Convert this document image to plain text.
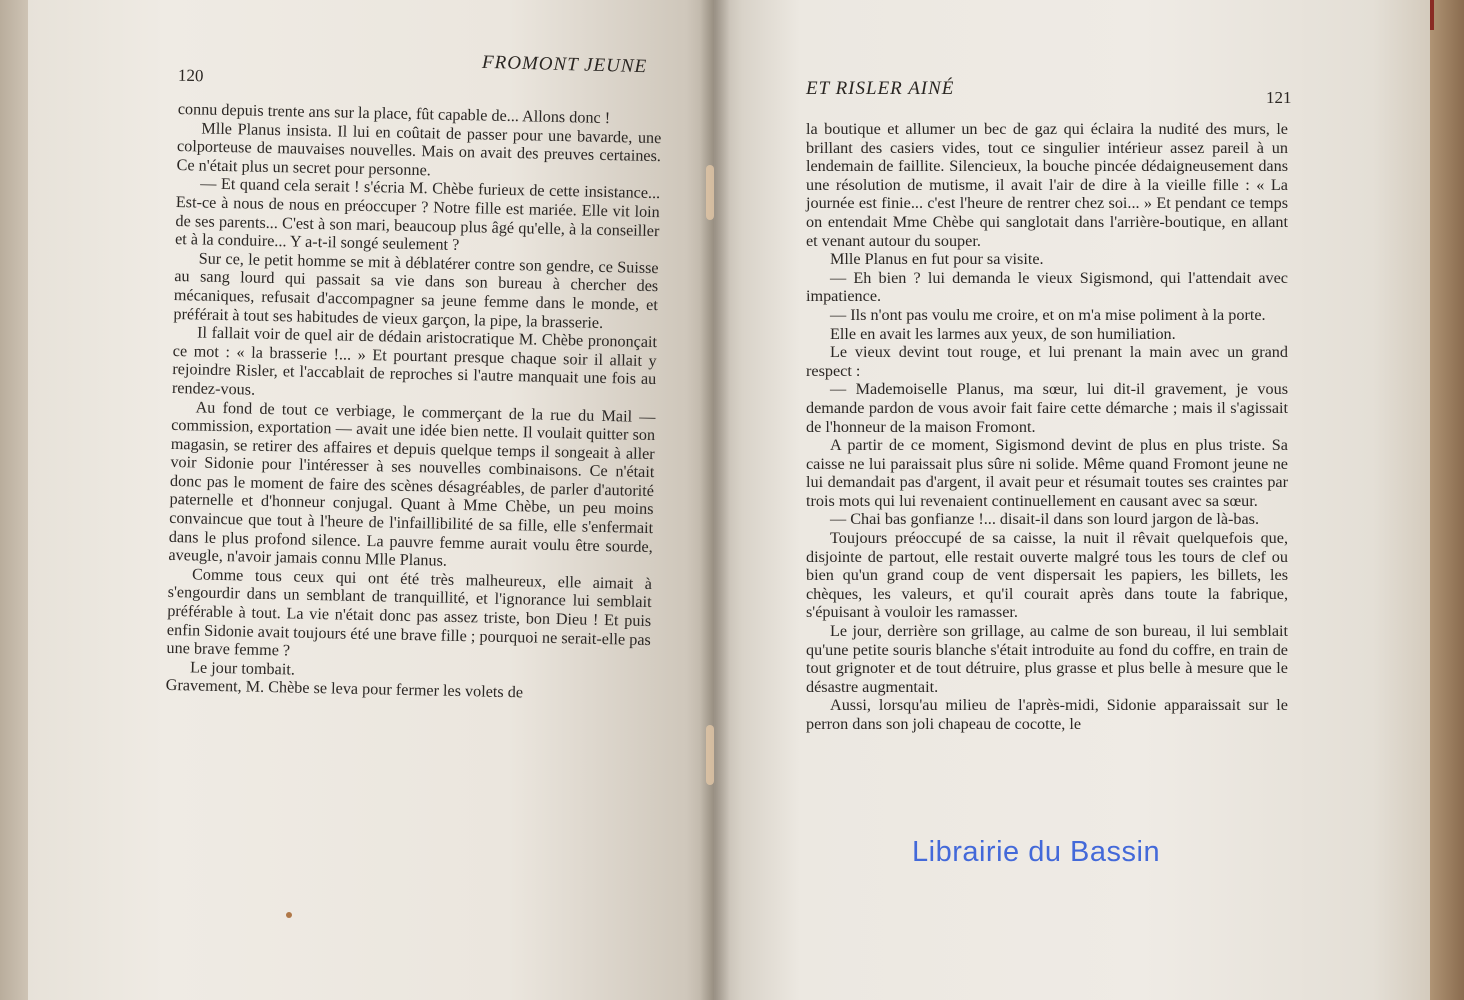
120	FROMONT JEUNE

connu depuis trente ans sur la place, fût capable de... Allons donc !

Mlle Planus insista. Il lui en coûtait de passer pour une bavarde, une colporteuse de mauvaises nouvelles. Mais on avait des preuves certaines. Ce n'était plus un secret pour personne.

— Et quand cela serait ! s'écria M. Chèbe furieux de cette insistance... Est-ce à nous de nous en préoccuper ? Notre fille est mariée. Elle vit loin de ses parents... C'est à son mari, beaucoup plus âgé qu'elle, à la conseiller et à la conduire... Y a-t-il songé seulement ?

Sur ce, le petit homme se mit à déblatérer contre son gendre, ce Suisse au sang lourd qui passait sa vie dans son bureau à chercher des mécaniques, refusait d'accompagner sa jeune femme dans le monde, et préférait à tout ses habitudes de vieux garçon, la pipe, la brasserie.

Il fallait voir de quel air de dédain aristocratique M. Chèbe prononçait ce mot : « la brasserie !... » Et pourtant presque chaque soir il allait y rejoindre Risler, et l'accablait de reproches si l'autre manquait une fois au rendez-vous.

Au fond de tout ce verbiage, le commerçant de la rue du Mail — commission, exportation — avait une idée bien nette. Il voulait quitter son magasin, se retirer des affaires et depuis quelque temps il songeait à aller voir Sidonie pour l'intéresser à ses nouvelles combinaisons. Ce n'était donc pas le moment de faire des scènes désagréables, de parler d'autorité paternelle et d'honneur conjugal. Quant à Mme Chèbe, un peu moins convaincue que tout à l'heure de l'infaillibilité de sa fille, elle s'enfermait dans le plus profond silence. La pauvre femme aurait voulu être sourde, aveugle, n'avoir jamais connu Mlle Planus.

Comme tous ceux qui ont été très malheureux, elle aimait à s'engourdir dans un semblant de tranquillité, et l'ignorance lui semblait préférable à tout. La vie n'était donc pas assez triste, bon Dieu ! Et puis enfin Sidonie avait toujours été une brave fille ; pourquoi ne serait-elle pas une brave femme ?

Le jour tombait.

Gravement, M. Chèbe se leva pour fermer les volets de

ET RISLER AINÉ	121

la boutique et allumer un bec de gaz qui éclaira la nudité des murs, le brillant des casiers vides, tout ce singulier intérieur assez pareil à un lendemain de faillite. Silencieux, la bouche pincée dédaigneusement dans une résolution de mutisme, il avait l'air de dire à la vieille fille : « La journée est finie... c'est l'heure de rentrer chez soi... » Et pendant ce temps on entendait Mme Chèbe qui sanglotait dans l'arrière-boutique, en allant et venant autour du souper.

Mlle Planus en fut pour sa visite.

— Eh bien ? lui demanda le vieux Sigismond, qui l'attendait avec impatience.

— Ils n'ont pas voulu me croire, et on m'a mise poliment à la porte.

Elle en avait les larmes aux yeux, de son humiliation.

Le vieux devint tout rouge, et lui prenant la main avec un grand respect :

— Mademoiselle Planus, ma sœur, lui dit-il gravement, je vous demande pardon de vous avoir fait faire cette démarche ; mais il s'agissait de l'honneur de la maison Fromont.

A partir de ce moment, Sigismond devint de plus en plus triste. Sa caisse ne lui paraissait plus sûre ni solide. Même quand Fromont jeune ne lui demandait pas d'argent, il avait peur et résumait toutes ses craintes par trois mots qui lui revenaient continuellement en causant avec sa sœur.

— Chai bas gonfianze !... disait-il dans son lourd jargon de là-bas.

Toujours préoccupé de sa caisse, la nuit il rêvait quelquefois que, disjointe de partout, elle restait ouverte malgré tous les tours de clef ou bien qu'un grand coup de vent dispersait les papiers, les billets, les chèques, les valeurs, et qu'il courait après dans toute la fabrique, s'épuisant à vouloir les ramasser.

Le jour, derrière son grillage, au calme de son bureau, il lui semblait qu'une petite souris blanche s'était introduite au fond du coffre, en train de tout grignoter et de tout détruire, plus grasse et plus belle à mesure que le désastre augmentait.

Aussi, lorsqu'au milieu de l'après-midi, Sidonie apparaissait sur le perron dans son joli chapeau de cocotte, le

Librairie du Bassin
